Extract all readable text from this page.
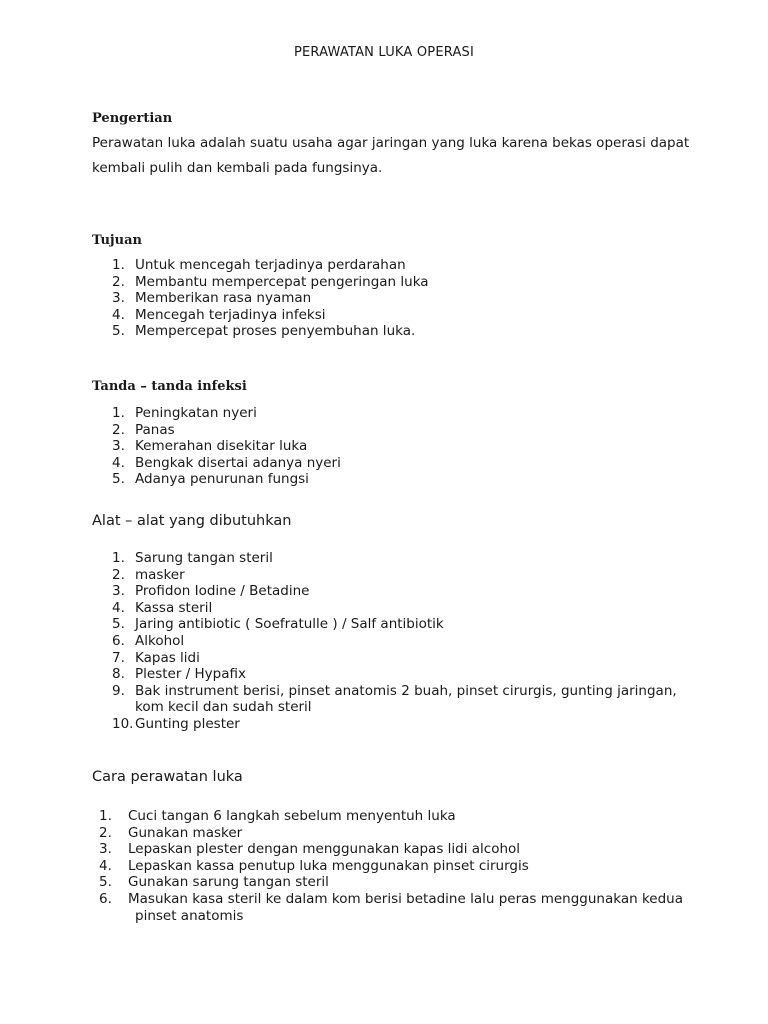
PERAWATAN LUKA OPERASI
Pengertian
Perawatan luka adalah suatu usaha agar jaringan yang luka karena bekas operasi dapat kembali pulih dan kembali pada fungsinya.
Tujuan
1. Untuk mencegah terjadinya perdarahan
2. Membantu mempercepat pengeringan luka
3. Memberikan rasa nyaman
4. Mencegah terjadinya infeksi
5. Mempercepat proses penyembuhan luka.
Tanda – tanda infeksi
1. Peningkatan nyeri
2. Panas
3. Kemerahan disekitar luka
4. Bengkak disertai adanya nyeri
5. Adanya penurunan fungsi
Alat – alat yang dibutuhkan
1. Sarung tangan steril
2. masker
3. Profidon Iodine / Betadine
4. Kassa steril
5. Jaring antibiotic ( Soefratulle ) / Salf antibiotik
6. Alkohol
7. Kapas lidi
8. Plester / Hypafix
9. Bak instrument berisi, pinset anatomis 2 buah, pinset cirurgis, gunting jaringan, kom kecil dan sudah steril
10. Gunting plester
Cara perawatan luka
1. Cuci tangan 6 langkah sebelum menyentuh luka
2. Gunakan masker
3. Lepaskan plester dengan menggunakan kapas lidi alcohol
4. Lepaskan kassa penutup luka menggunakan pinset cirurgis
5. Gunakan sarung tangan steril
6. Masukan kasa steril ke dalam kom berisi betadine lalu peras menggunakan kedua
pinset anatomis
